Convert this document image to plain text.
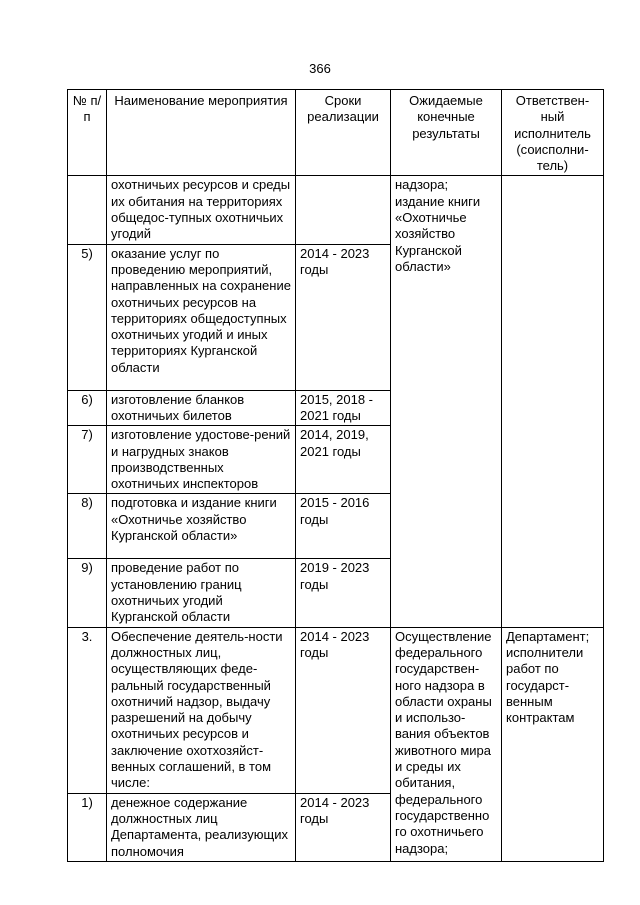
366
№ п/п	Наименование мероприятия	Сроки реализации	Ожидаемые конечные результаты	Ответствен-ный исполнитель (соисполни-тель)
	охотничьих ресурсов и среды их обитания на территориях общедос-тупных охотничьих угодий		надзора; издание книги «Охотничье хозяйство Курганской области»	
5)	оказание услуг по проведению мероприятий, направленных на сохранение охотничьих ресурсов на территориях общедоступных охотничьих угодий и иных территориях Курганской области	2014 - 2023 годы		
6)	изготовление бланков охотничьих билетов	2015, 2018 - 2021 годы		
7)	изготовление удостове-рений и нагрудных знаков производственных охотничьих инспекторов	2014, 2019, 2021 годы		
8)	подготовка и издание книги «Охотничье хозяйство Курганской области»	2015 - 2016 годы		
9)	проведение работ по установлению границ охотничьих угодий Курганской области	2019 - 2023 годы		
3.	Обеспечение деятель-ности должностных лиц, осуществляющих феде-ральный государственный охотничий надзор, выдачу разрешений на добычу охотничьих ресурсов и заключение охотхозяйст-венных соглашений, в том числе:	2014 - 2023 годы	Осуществление федерального государствен-ного надзора в области охраны и использо-вания объектов животного мира и среды их обитания, федерального государственно го охотничьего надзора;	Департамент; исполнители работ по государст-венным контрактам
1)	денежное содержание должностных лиц Департамента, реализующих полномочия	2014 - 2023 годы		
